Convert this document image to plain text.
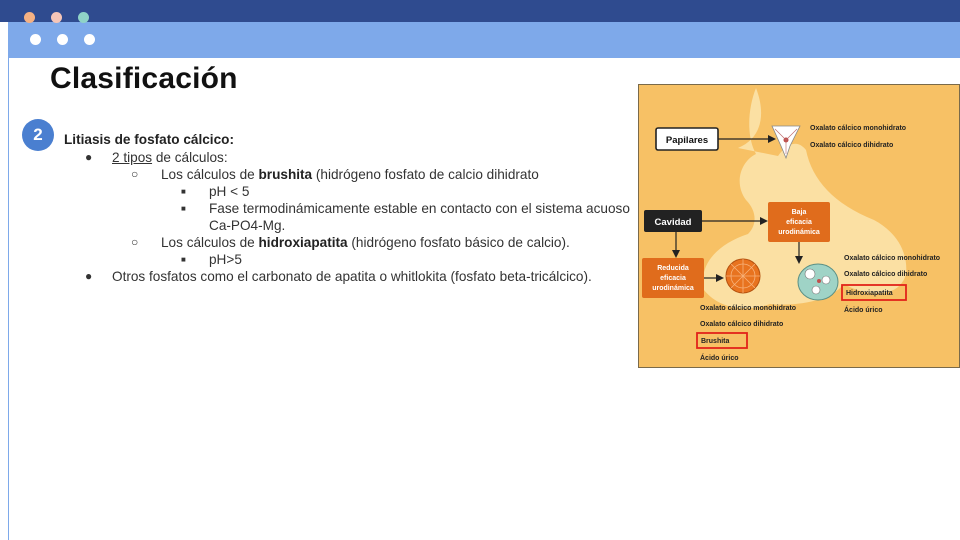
Clasificación
2	Litiasis de fosfato cálcico:
● 2 tipos de cálculos:
○ Los cálculos de brushita (hidrógeno fosfato de calcio dihidrato
■ pH < 5
■ Fase termodinámicamente estable en contacto con el sistema acuoso Ca-PO4-Mg.
○ Los cálculos de hidroxiapatita (hidrógeno fosfato básico de calcio).
■ pH>5
● Otros fosfatos como el carbonato de apatita o whitlokita (fosfato beta-tricálcico).
Papilares
Oxalato cálcico monohidrato
Oxalato cálcico dihidrato
Cavidad
Baja
eficacia
urodinámica
Reducida
eficacia
urodinámica
Oxalato cálcico monohidrato
Oxalato cálcico dihidrato
Hidroxiapatita
Ácido úrico
Oxalato cálcico monohidrato
Oxalato cálcico dihidrato
Brushita
Ácido úrico
